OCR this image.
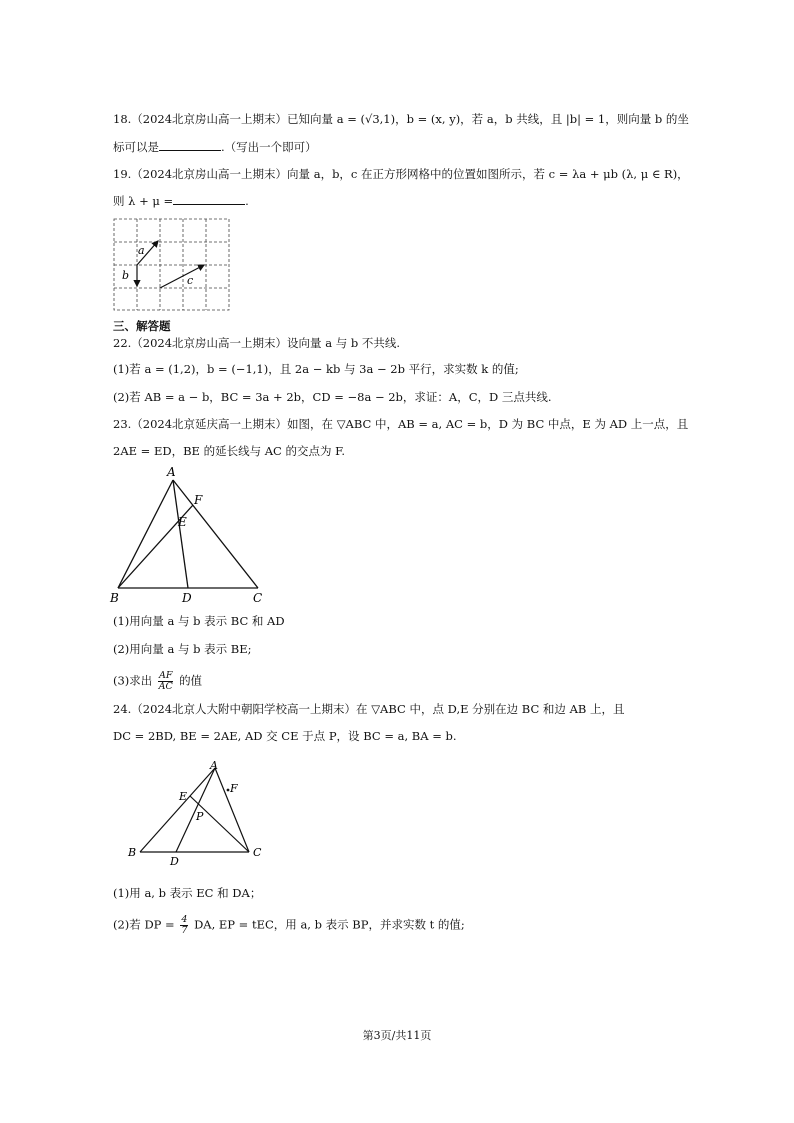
18.（2024北京房山高一上期末）已知向量 a = (√3,1)，b = (x, y)，若 a，b 共线，且 |b| = 1，则向量 b 的坐
标可以是	.（写出一个即可）
19.（2024北京房山高一上期末）向量 a，b，c 在正方形网格中的位置如图所示，若 c = λa + μb (λ, μ ∈ R)，
则 λ + μ =	.
a
b	c
三、解答题
22.（2024北京房山高一上期末）设向量 a 与 b 不共线.
(1)若 a = (1,2)，b = (−1,1)，且 2a − kb 与 3a − 2b 平行，求实数 k 的值;
(2)若 AB = a − b，BC = 3a + 2b，CD = −8a − 2b，求证：A，C，D 三点共线.
23.（2024北京延庆高一上期末）如图，在 ▽ABC 中，AB = a, AC = b，D 为 BC 中点，E 为 AD 上一点，且
2AE = ED，BE 的延长线与 AC 的交点为 F.
A
F
E
B	D	C
(1)用向量 a 与 b 表示 BC 和 AD
(2)用向量 a 与 b 表示 BE;
(3)求出 $\frac{AF}{AC}$ 的值
24.（2024北京人大附中朝阳学校高一上期末）在 ▽ABC 中，点 D,E 分别在边 BC 和边 AB 上，且
DC = 2BD, BE = 2AE, AD 交 CE 于点 P，设 BC = a, BA = b.
A
F
E
P
B
D
C
(1)用 a, b 表示 EC 和 DA；
(2)若 DP = $\frac{4}{7}$ DA, EP = tEC，用 a, b 表示 BP，并求实数 t 的值;
第3页/共11页
